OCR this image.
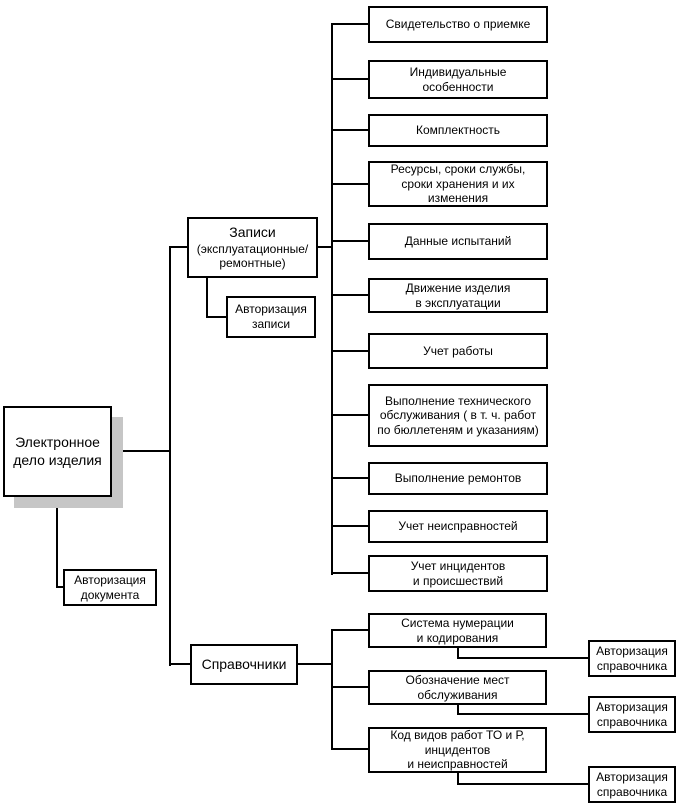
Электронное
дело изделия
Авторизация
документа
Записи
(эксплуатационные/
ремонтные)
Авторизация
записи
Справочники
Свидетельство о приемке
Индивидуальные
особенности
Комплектность
Ресурсы, сроки службы,
сроки хранения и их
изменения
Данные испытаний
Движение изделия
в эксплуатации
Учет работы
Выполнение технического
обслуживания ( в т. ч. работ
по бюллетеням и указаниям)
Выполнение ремонтов
Учет неисправностей
Учет инцидентов
и происшествий
Система нумерации
и кодирования
Обозначение мест
обслуживания
Код видов работ ТО и Р,
инцидентов
и неисправностей
Авторизация
справочника
Авторизация
справочника
Авторизация
справочника
